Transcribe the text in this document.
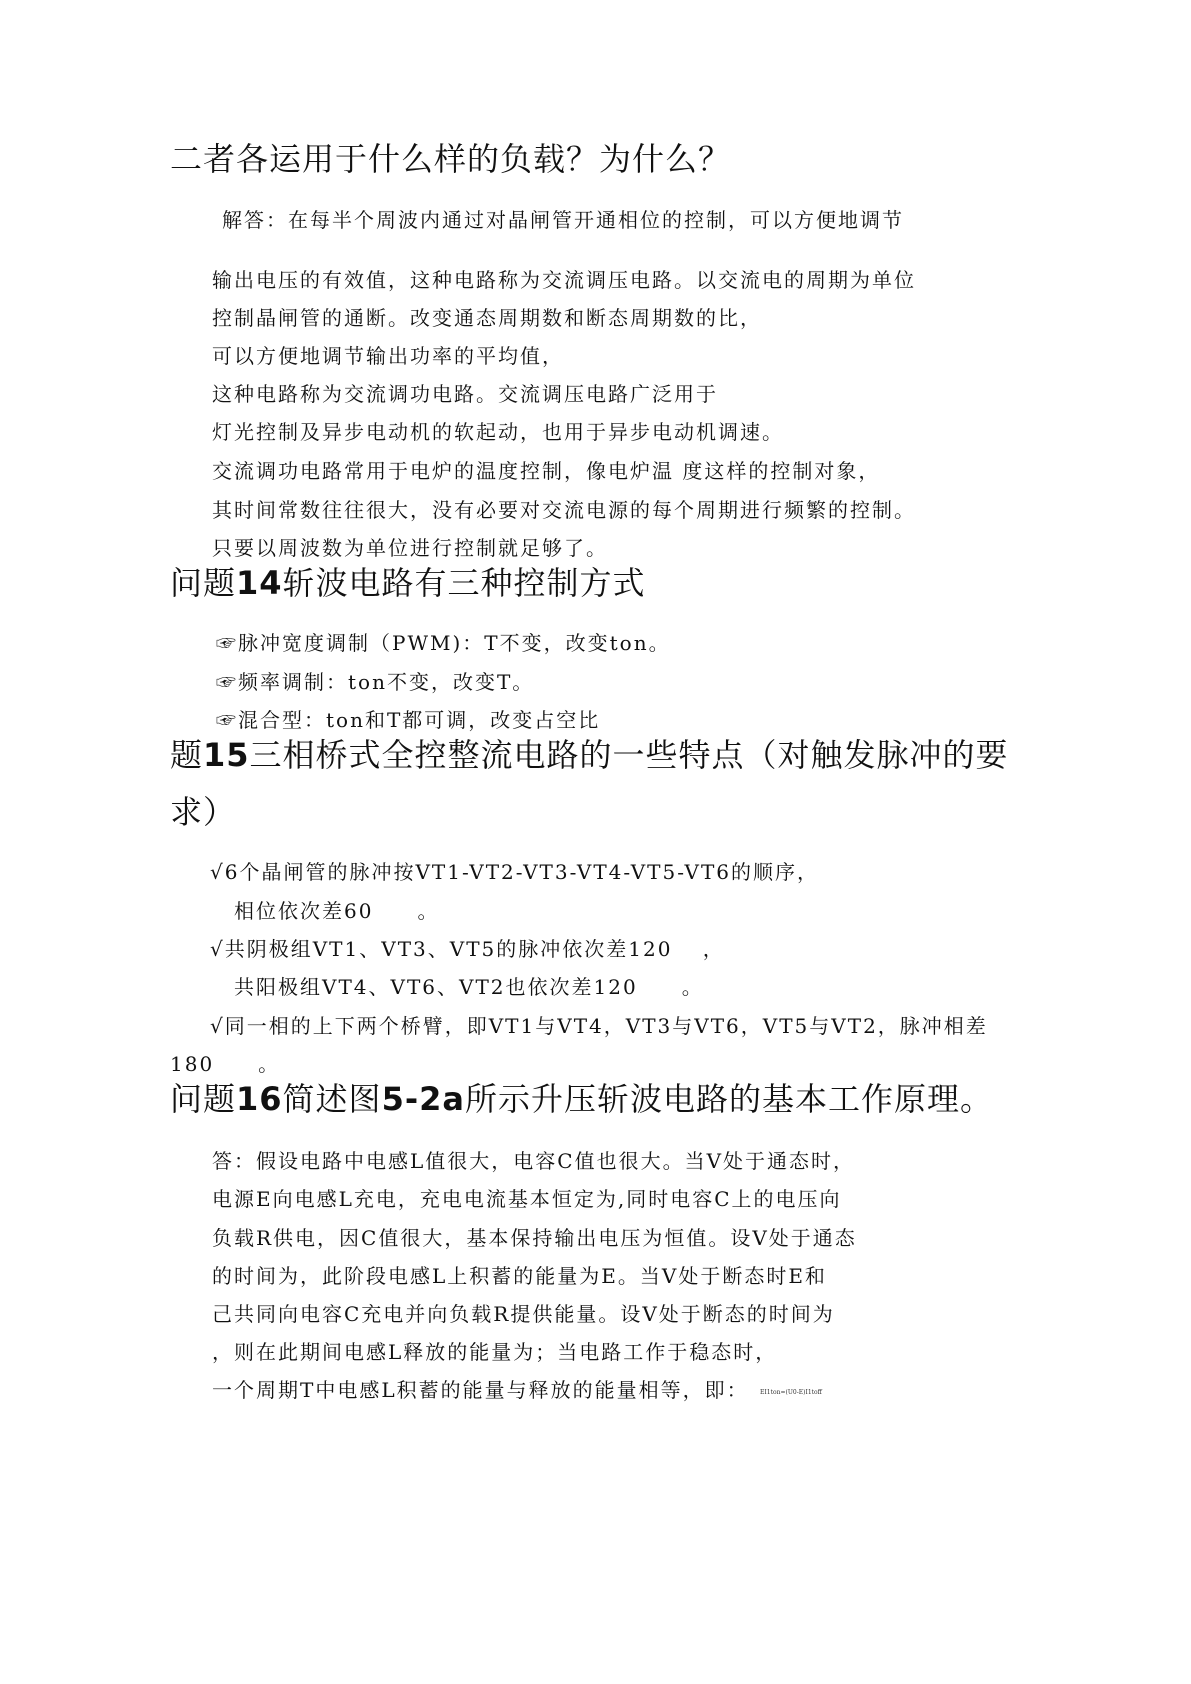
二者各运用于什么样的负载？为什么？

解答：在每半个周波内通过对晶闸管开通相位的控制，可以方便地调节

输出电压的有效值，这种电路称为交流调压电路。以交流电的周期为单位

控制晶闸管的通断。改变通态周期数和断态周期数的比，

可以方便地调节输出功率的平均值，

这种电路称为交流调功电路。交流调压电路广泛用于

灯光控制及异步电动机的软起动，也用于异步电动机调速。

交流调功电路常用于电炉的温度控制，像电炉温 度这样的控制对象，

其时间常数往往很大，没有必要对交流电源的每个周期进行频繁的控制。

只要以周波数为单位进行控制就足够了。

问题14斩波电路有三种控制方式

☞脉冲宽度调制（PWM)：T不变，改变ton。

☞频率调制：ton不变，改变T。

☞混合型：ton和T都可调，改变占空比

题15三相桥式全控整流电路的一些特点（对触发脉冲的要
求）

√6个晶闸管的脉冲按VT1-VT2-VT3-VT4-VT5-VT6的顺序，

相位依次差60　　。

√共阴极组VT1、VT3、VT5的脉冲依次差120　 ，

共阳极组VT4、VT6、VT2也依次差120　　。

√同一相的上下两个桥臂，即VT1与VT4，VT3与VT6，VT5与VT2，脉冲相差

180　　。

问题16简述图5-2a所示升压斩波电路的基本工作原理。

答：假设电路中电感L值很大，电容C值也很大。当V处于通态时，

电源E向电感L充电，充电电流基本恒定为,同时电容C上的电压向

负载R供电，因C值很大，基本保持输出电压为恒值。设V处于通态

的时间为，此阶段电感L上积蓄的能量为E。当V处于断态时E和

己共同向电容C充电并向负载R提供能量。设V处于断态的时间为

，则在此期间电感L释放的能量为；当电路工作于稳态时，

一个周期T中电感L积蓄的能量与释放的能量相等，即： EI1ton=(U0-E)I1toff
